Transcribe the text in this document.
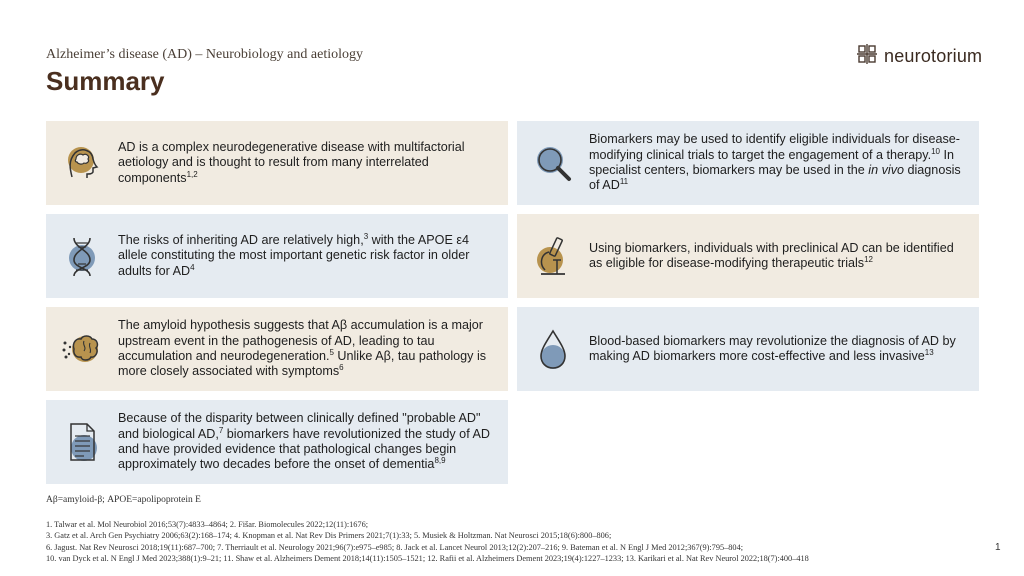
Alzheimer’s disease (AD) – Neurobiology and aetiology
Summary
neurotorium
AD is a complex neurodegenerative disease with multifactorial aetiology and is thought to result from many interrelated components$^{1,2}$
The risks of inheriting AD are relatively high,$^3$ with the APOE ε4 allele constituting the most important genetic risk factor in older adults for $AD^4$
The amyloid hypothesis suggests that Aβ accumulation is a major upstream event in the pathogenesis of AD, leading to tau accumulation and neurodegeneration.$^5$ Unlike Aβ, tau pathology is more closely associated with symptoms$^6$
Because of the disparity between clinically defined "probable AD" and biological AD,$^7$ biomarkers have revolutionized the study of AD and have provided evidence that pathological changes begin approximately two decades before the onset of dementia$^{8,9}$
Biomarkers may be used to identify eligible individuals for disease-modifying clinical trials to target the engagement of a therapy.$^{10}$ In specialist centers, biomarkers may be used in the in vivo diagnosis of AD$^{11}$
Using biomarkers, individuals with preclinical AD can be identified as eligible for disease-modifying therapeutic trials$^{12}$
Blood-based biomarkers may revolutionize the diagnosis of AD by making AD biomarkers more cost-effective and less invasive$^{13}$
Aβ=amyloid-β; APOE=apolipoprotein E
1. Talwar et al. Mol Neurobiol 2016;53(7):4833–4864; 2. Fišar. Biomolecules 2022;12(11):1676;
3. Gatz et al. Arch Gen Psychiatry 2006;63(2):168–174; 4. Knopman et al. Nat Rev Dis Primers 2021;7(1):33; 5. Musiek & Holtzman. Nat Neurosci 2015;18(6):800–806;
6. Jagust. Nat Rev Neurosci 2018;19(11):687–700; 7. Therriault et al. Neurology 2021;96(7):e975–e985; 8. Jack et al. Lancet Neurol 2013;12(2):207–216; 9. Bateman et al. N Engl J Med 2012;367(9):795–804;
10. van Dyck et al. N Engl J Med 2023;388(1):9–21; 11. Shaw et al. Alzheimers Dement 2018;14(11):1505–1521; 12. Rafii et al. Alzheimers Dement 2023;19(4):1227–1233; 13. Karikari et al. Nat Rev Neurol 2022;18(7):400–418
1
